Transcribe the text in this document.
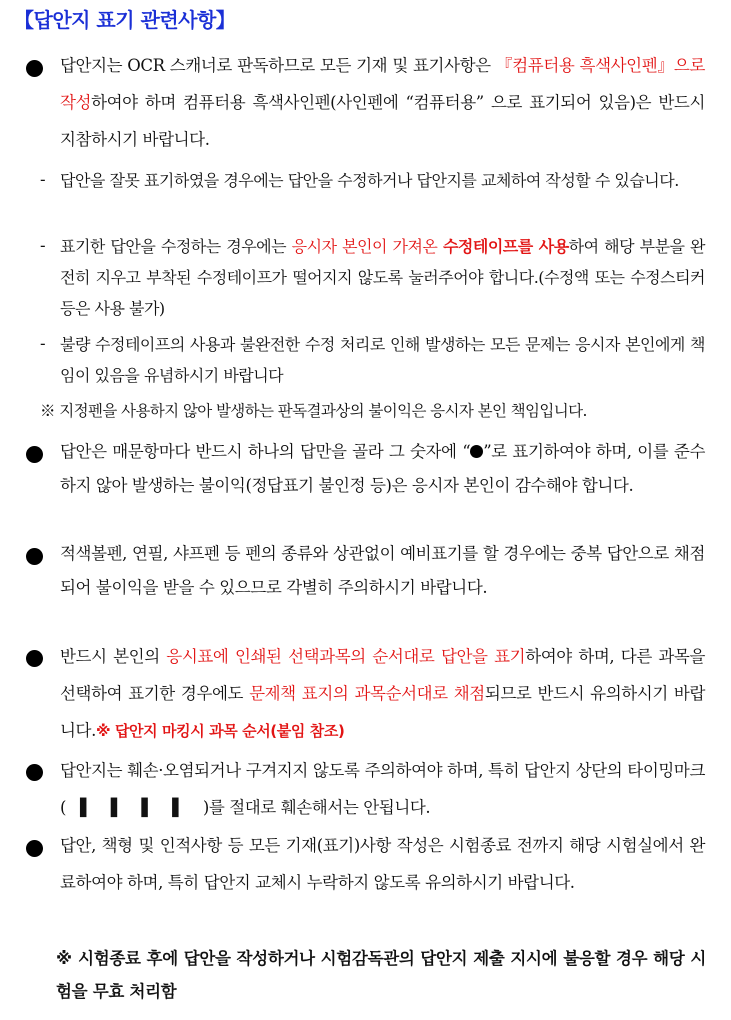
【답안지 표기 관련사항】
답안지는 OCR 스캐너로 판독하므로 모든 기재 및 표기사항은 『컴퓨터용 흑색사인펜』으로 작성하여야 하며 컴퓨터용 흑색사인펜(사인펜에 “컴퓨터용” 으로 표기되어 있음)은 반드시 지참하시기 바랍니다.
- 답안을 잘못 표기하였을 경우에는 답안을 수정하거나 답안지를 교체하여 작성할 수 있습니다.
- 표기한 답안을 수정하는 경우에는 응시자 본인이 가져온 수정테이프를 사용하여 해당 부분을 완전히 지우고 부착된 수정테이프가 떨어지지 않도록 눌러주어야 합니다.(수정액 또는 수정스티커 등은 사용 불가)
- 불량 수정테이프의 사용과 불완전한 수정 처리로 인해 발생하는 모든 문제는 응시자 본인에게 책임이 있음을 유념하시기 바랍니다
※ 지정펜을 사용하지 않아 발생하는 판독결과상의 불이익은 응시자 본인 책임입니다.
답안은 매문항마다 반드시 하나의 답만을 골라 그 숫자에 “ ”로 표기하여야 하며, 이를 준수하지 않아 발생하는 불이익(정답표기 불인정 등)은 응시자 본인이 감수해야 합니다.
적색볼펜, 연필, 샤프펜 등 펜의 종류와 상관없이 예비표기를 할 경우에는 중복 답안으로 채점되어 불이익을 받을 수 있으므로 각별히 주의하시기 바랍니다.
반드시 본인의 응시표에 인쇄된 선택과목의 순서대로 답안을 표기하여야 하며, 다른 과목을 선택하여 표기한 경우에도 문제책 표지의 과목순서대로 채점되므로 반드시 유의하시기 바랍니다.※ 답안지 마킹시 과목 순서(붙임 참조)
답안지는 훼손·오염되거나 구겨지지 않도록 주의하여야 하며, 특히 답안지 상단의 타이밍마크( ▌▌▌▌)를 절대로 훼손해서는 안됩니다.
답안, 책형 및 인적사항 등 모든 기재(표기)사항 작성은 시험종료 전까지 해당 시험실에서 완료하여야 하며, 특히 답안지 교체시 누락하지 않도록 유의하시기 바랍니다.
※ 시험종료 후에 답안을 작성하거나 시험감독관의 답안지 제출 지시에 불응할 경우 해당 시험을 무효 처리함
